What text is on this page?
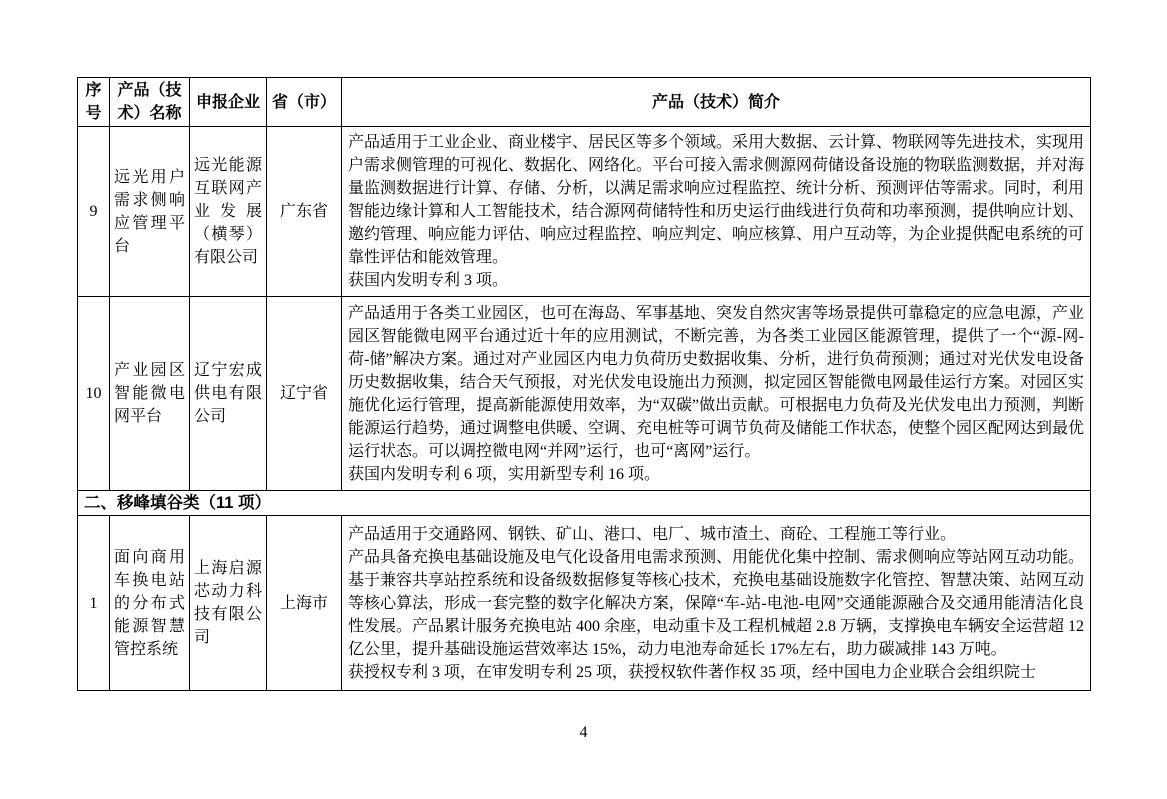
序号	产品（技术）名称	申报企业	省（市）	产品（技术）简介
9	远光用户需求侧响应管理平台	远光能源互联网产业发展（横琴）有限公司	广东省	产品适用于工业企业、商业楼宇、居民区等多个领域。采用大数据、云计算、物联网等先进技术，实现用户需求侧管理的可视化、数据化、网络化。平台可接入需求侧源网荷储设备设施的物联监测数据，并对海量监测数据进行计算、存储、分析，以满足需求响应过程监控、统计分析、预测评估等需求。同时，利用智能边缘计算和人工智能技术，结合源网荷储特性和历史运行曲线进行负荷和功率预测，提供响应计划、邀约管理、响应能力评估、响应过程监控、响应判定、响应核算、用户互动等，为企业提供配电系统的可靠性评估和能效管理。

获国内发明专利 3 项。

10	产业园区智能微电网平台	辽宁宏成供电有限公司	辽宁省	产品适用于各类工业园区，也可在海岛、军事基地、突发自然灾害等场景提供可靠稳定的应急电源，产业园区智能微电网平台通过近十年的应用测试，不断完善，为各类工业园区能源管理，提供了一个“源-网-荷-储”解决方案。通过对产业园区内电力负荷历史数据收集、分析，进行负荷预测；通过对光伏发电设备历史数据收集，结合天气预报，对光伏发电设施出力预测，拟定园区智能微电网最佳运行方案。对园区实施优化运行管理，提高新能源使用效率，为“双碳”做出贡献。可根据电力负荷及光伏发电出力预测，判断能源运行趋势，通过调整电供暖、空调、充电桩等可调节负荷及储能工作状态，使整个园区配网达到最优运行状态。可以调控微电网“并网”运行，也可“离网”运行。

获国内发明专利 6 项，实用新型专利 16 项。

二、移峰填谷类（11 项）				
1	面向商用车换电站的分布式能源智慧管控系统	上海启源芯动力科技有限公司	上海市	产品适用于交通路网、钢铁、矿山、港口、电厂、城市渣土、商砼、工程施工等行业。

产品具备充换电基础设施及电气化设备用电需求预测、用能优化集中控制、需求侧响应等站网互动功能。基于兼容共享站控系统和设备级数据修复等核心技术，充换电基础设施数字化管控、智慧决策、站网互动等核心算法，形成一套完整的数字化解决方案，保障“车-站-电池-电网”交通能源融合及交通用能清洁化良性发展。产品累计服务充换电站 400 余座，电动重卡及工程机械超 2.8 万辆，支撑换电车辆安全运营超 12 亿公里，提升基础设施运营效率达 15%，动力电池寿命延长 17%左右，助力碳减排 143 万吨。

获授权专利 3 项，在审发明专利 25 项，获授权软件著作权 35 项，经中国电力企业联合会组织院士

4
